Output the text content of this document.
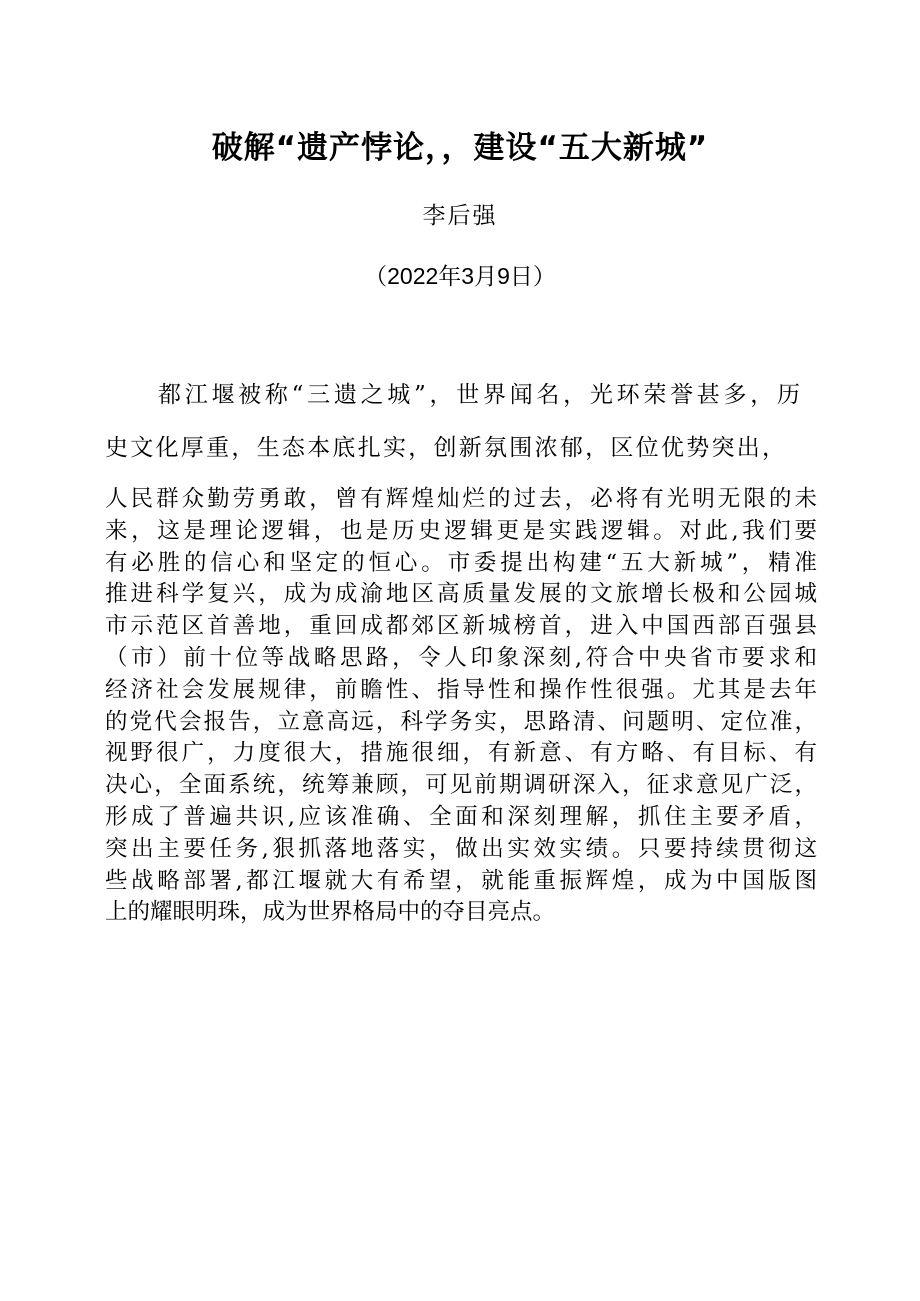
破解“遗产悖论，，建设“五大新城”
李后强
（2022年3月9日）
都江堰被称“三遗之城”，世界闻名，光环荣誉甚多，历
史文化厚重，生态本底扎实，创新氛围浓郁，区位优势突出，
人民群众勤劳勇敢，曾有辉煌灿烂的过去，必将有光明无限的未
来，这是理论逻辑，也是历史逻辑更是实践逻辑。对此,我们要
有必胜的信心和坚定的恒心。市委提出构建“五大新城”，精准
推进科学复兴，成为成渝地区高质量发展的文旅增长极和公园城
市示范区首善地，重回成都郊区新城榜首，进入中国西部百强县
（市）前十位等战略思路，令人印象深刻,符合中央省市要求和
经济社会发展规律，前瞻性、指导性和操作性很强。尤其是去年
的党代会报告，立意高远，科学务实，思路清、问题明、定位准，
视野很广，力度很大，措施很细，有新意、有方略、有目标、有
决心，全面系统，统筹兼顾，可见前期调研深入，征求意见广泛，
形成了普遍共识,应该准确、全面和深刻理解，抓住主要矛盾，
突出主要任务,狠抓落地落实，做出实效实绩。只要持续贯彻这
些战略部署,都江堰就大有希望，就能重振辉煌，成为中国版图
上的耀眼明珠，成为世界格局中的夺目亮点。
